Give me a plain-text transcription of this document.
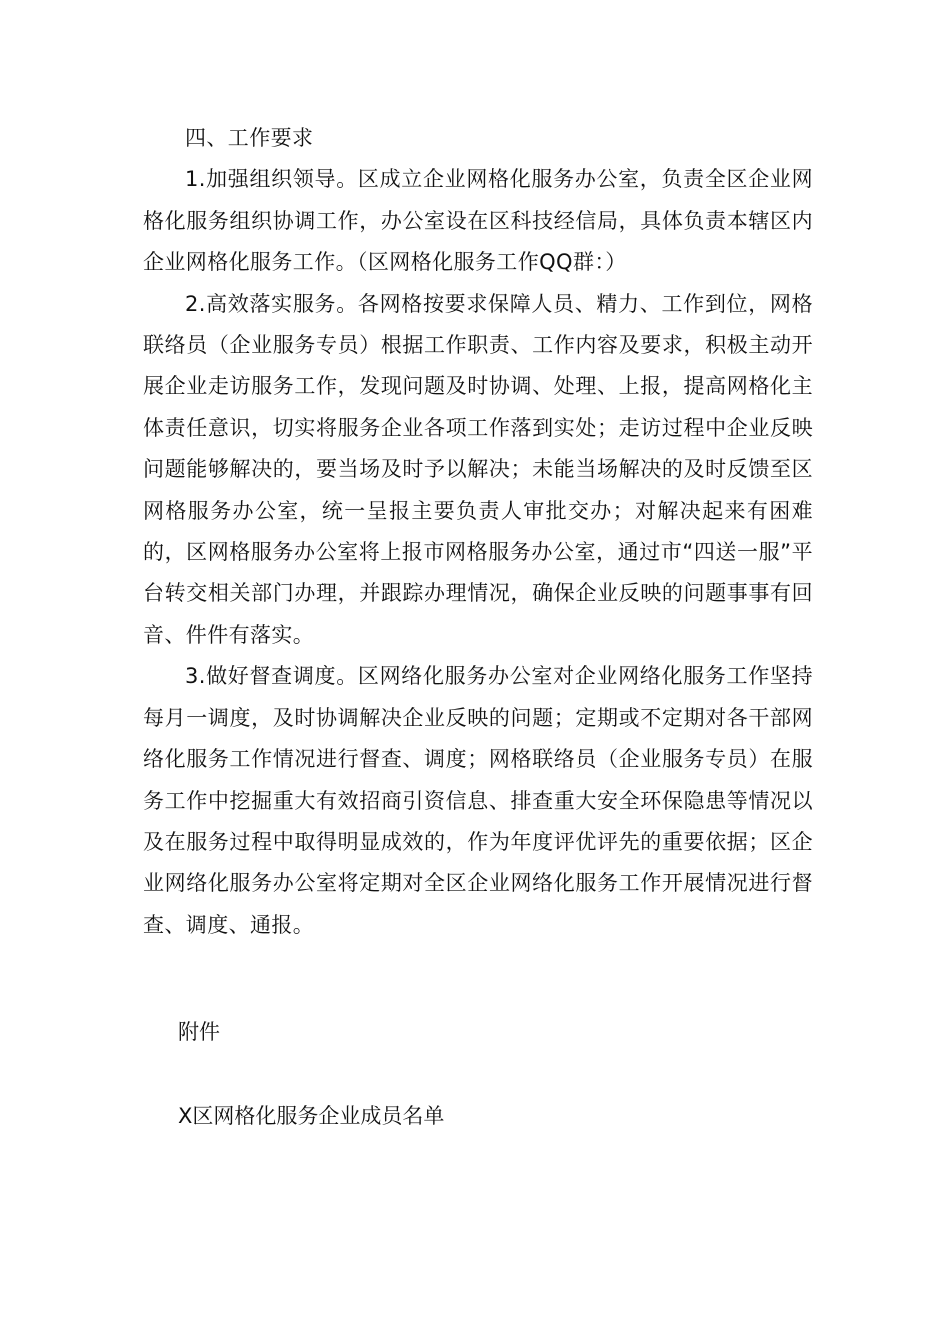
四、工作要求

1.加强组织领导。区成立企业网格化服务办公室，负责全区企业网格化服务组织协调工作，办公室设在区科技经信局，具体负责本辖区内企业网格化服务工作。（区网格化服务工作QQ群：）

2.高效落实服务。各网格按要求保障人员、精力、工作到位，网格联络员（企业服务专员）根据工作职责、工作内容及要求，积极主动开展企业走访服务工作，发现问题及时协调、处理、上报，提高网格化主体责任意识，切实将服务企业各项工作落到实处；走访过程中企业反映问题能够解决的，要当场及时予以解决；未能当场解决的及时反馈至区网格服务办公室，统一呈报主要负责人审批交办；对解决起来有困难的，区网格服务办公室将上报市网格服务办公室，通过市“四送一服”平台转交相关部门办理，并跟踪办理情况，确保企业反映的问题事事有回音、件件有落实。

3.做好督查调度。区网络化服务办公室对企业网络化服务工作坚持每月一调度，及时协调解决企业反映的问题；定期或不定期对各干部网络化服务工作情况进行督查、调度；网格联络员（企业服务专员）在服务工作中挖掘重大有效招商引资信息、排查重大安全环保隐患等情况以及在服务过程中取得明显成效的，作为年度评优评先的重要依据；区企业网络化服务办公室将定期对全区企业网络化服务工作开展情况进行督查、调度、通报。

附件
X区网格化服务企业成员名单
